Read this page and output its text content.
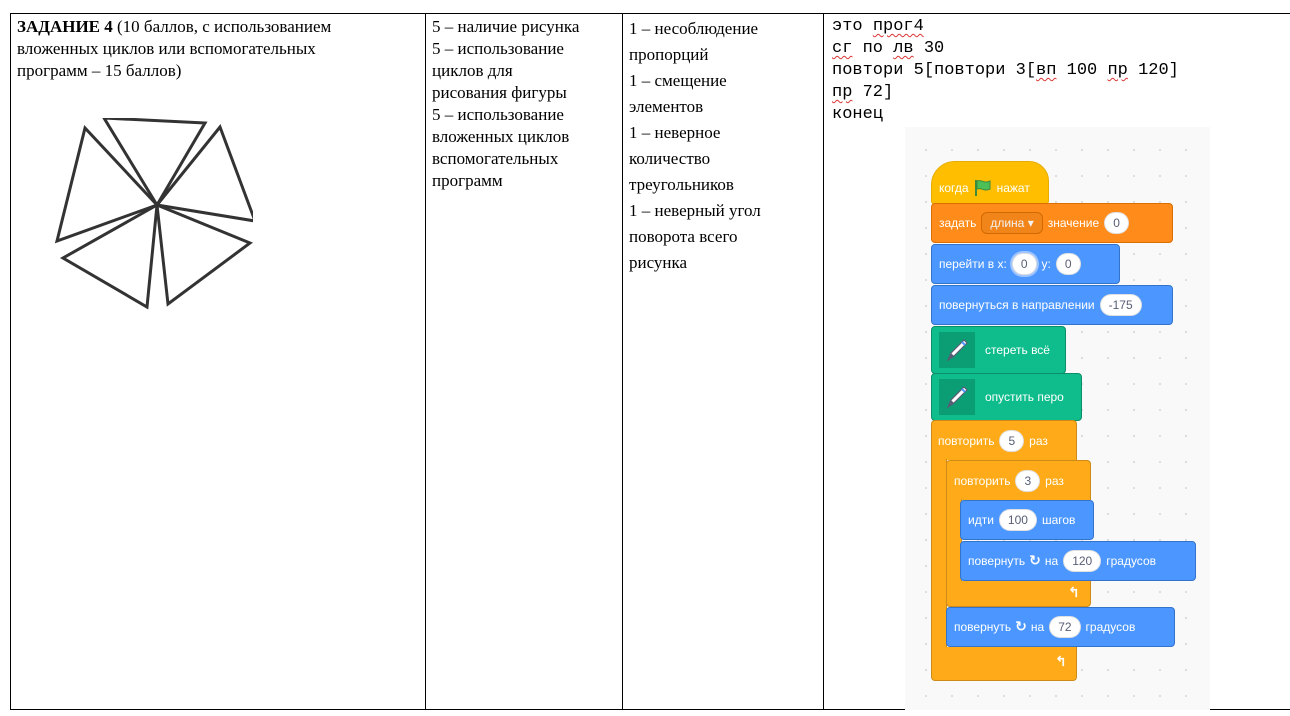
ЗАДАНИЕ 4 (10 баллов, с использованием
вложенных циклов или вспомогательных
программ – 15 баллов)

5 – наличие рисунка
5 – использование
циклов для
рисования фигуры
5 – использование
вложенных циклов
вспомогательных
программ

1 – несоблюдение
пропорций
1 – смещение
элементов
1 – неверное
количество
треугольников
1 – неверный угол
поворота всего
рисунка

это прог4
сг по лв 30
повтори 5[повтори 3[вп 100 пр 120]
пр 72]
конец
когда нажат
задать	длина ▾	значение	0
перейти в x:	0	y:	0
повернуться в направлении	-175
стереть всё
опустить перо
повторить	5	раз
↰
повторить	3	раз
↰
идти	100	шагов
повернуть ↻ на	120	градусов
повернуть ↻ на	72	градусов
